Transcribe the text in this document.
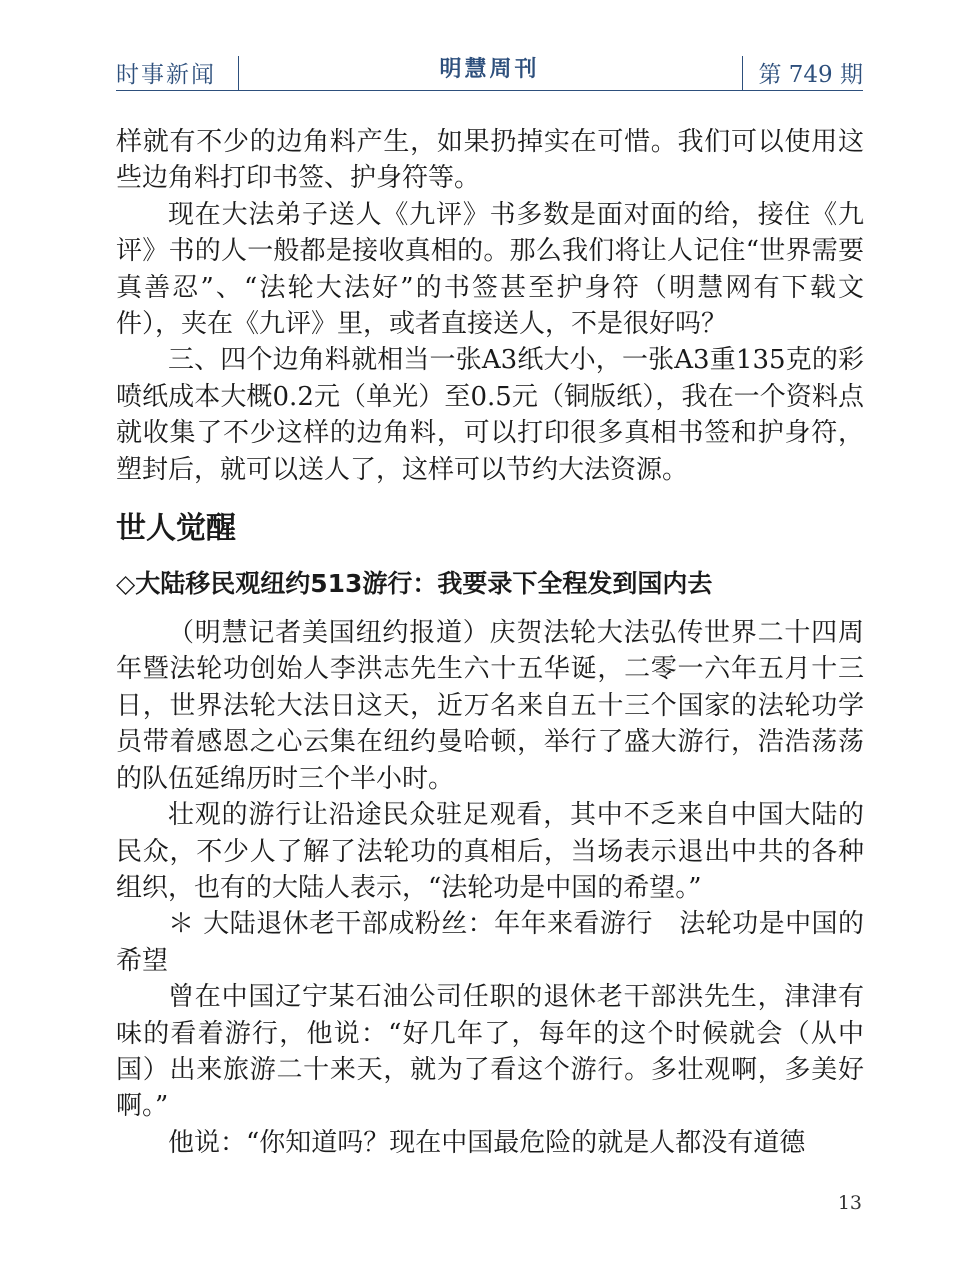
时事新闻	明慧周刊	第 749 期

样就有不少的边角料产生，如果扔掉实在可惜。我们可以使用这些边角料打印书签、护身符等。

现在大法弟子送人《九评》书多数是面对面的给，接住《九评》书的人一般都是接收真相的。那么我们将让人记住“世界需要真善忍”、“法轮大法好”的书签甚至护身符（明慧网有下载文件），夹在《九评》里，或者直接送人，不是很好吗？

三、四个边角料就相当一张A3纸大小，一张A3重135克的彩喷纸成本大概0.2元（单光）至0.5元（铜版纸），我在一个资料点就收集了不少这样的边角料，可以打印很多真相书签和护身符，塑封后，就可以送人了，这样可以节约大法资源。

世人觉醒
◇大陆移民观纽约513游行：我要录下全程发到国内去

（明慧记者美国纽约报道）庆贺法轮大法弘传世界二十四周年暨法轮功创始人李洪志先生六十五华诞，二零一六年五月十三日，世界法轮大法日这天，近万名来自五十三个国家的法轮功学员带着感恩之心云集在纽约曼哈顿，举行了盛大游行，浩浩荡荡的队伍延绵历时三个半小时。

壮观的游行让沿途民众驻足观看，其中不乏来自中国大陆的民众，不少人了解了法轮功的真相后，当场表示退出中共的各种组织，也有的大陆人表示，“法轮功是中国的希望。”

＊ 大陆退休老干部成粉丝：年年来看游行　法轮功是中国的希望

曾在中国辽宁某石油公司任职的退休老干部洪先生，津津有味的看着游行，他说：“好几年了，每年的这个时候就会（从中国）出来旅游二十来天，就为了看这个游行。多壮观啊，多美好啊。”

他说：“你知道吗？现在中国最危险的就是人都没有道德

13
